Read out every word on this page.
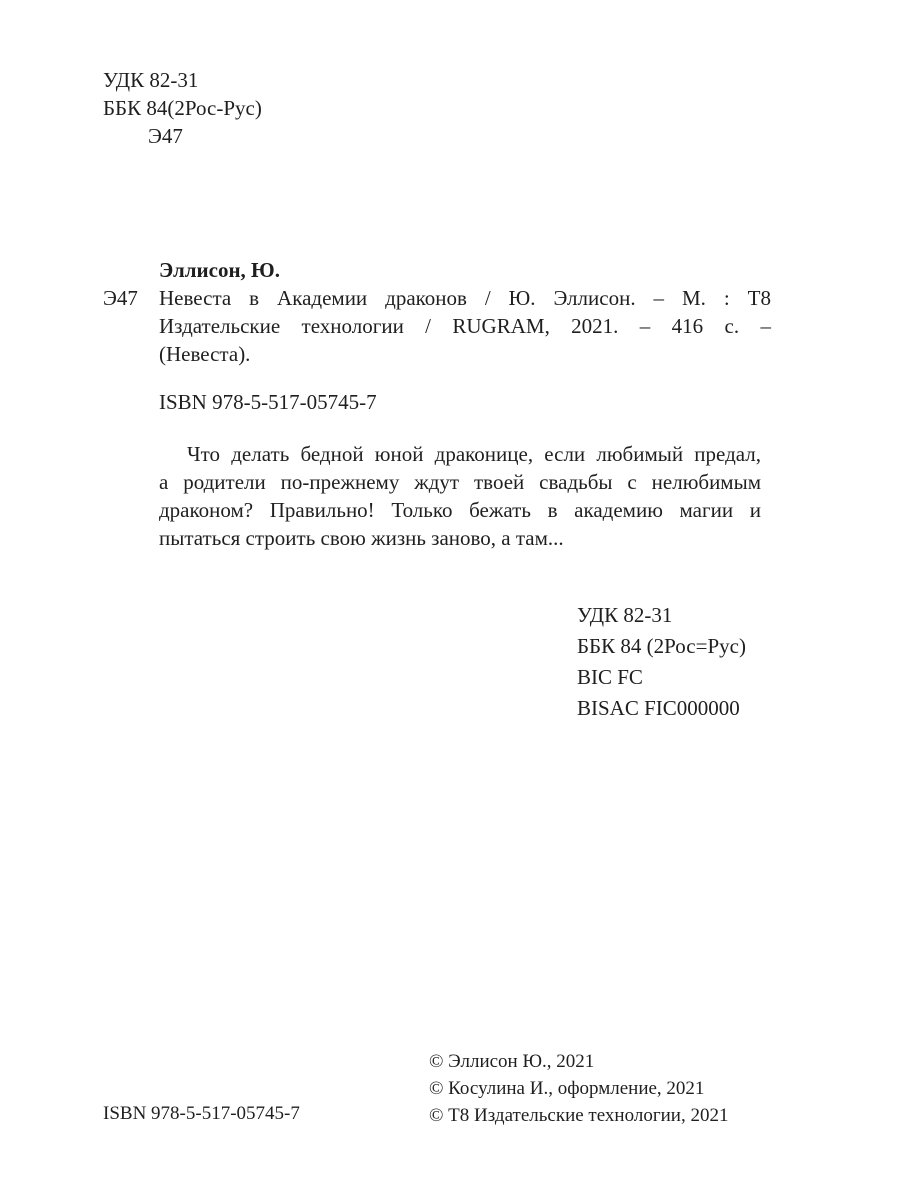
УДК 82-31
ББК 84(2Рос-Рус)
Э47
Эллисон, Ю.
Э47 Невеста в Академии драконов / Ю. Эллисон. – М. : Т8
Издательские технологии / RUGRAM, 2021. – 416 с. –
(Невеста).
ISBN 978-5-517-05745-7
Что делать бедной юной драконице, если любимый предал,
а родители по-прежнему ждут твоей свадьбы с нелюбимым
драконом? Правильно! Только бежать в академию магии и
пытаться строить свою жизнь заново, а там...
УДК 82-31
ББК 84 (2Рос=Рус)
BIC FC
BISAC FIC000000
© Эллисон Ю., 2021
© Косулина И., оформление, 2021
© Т8 Издательские технологии, 2021
ISBN 978-5-517-05745-7
